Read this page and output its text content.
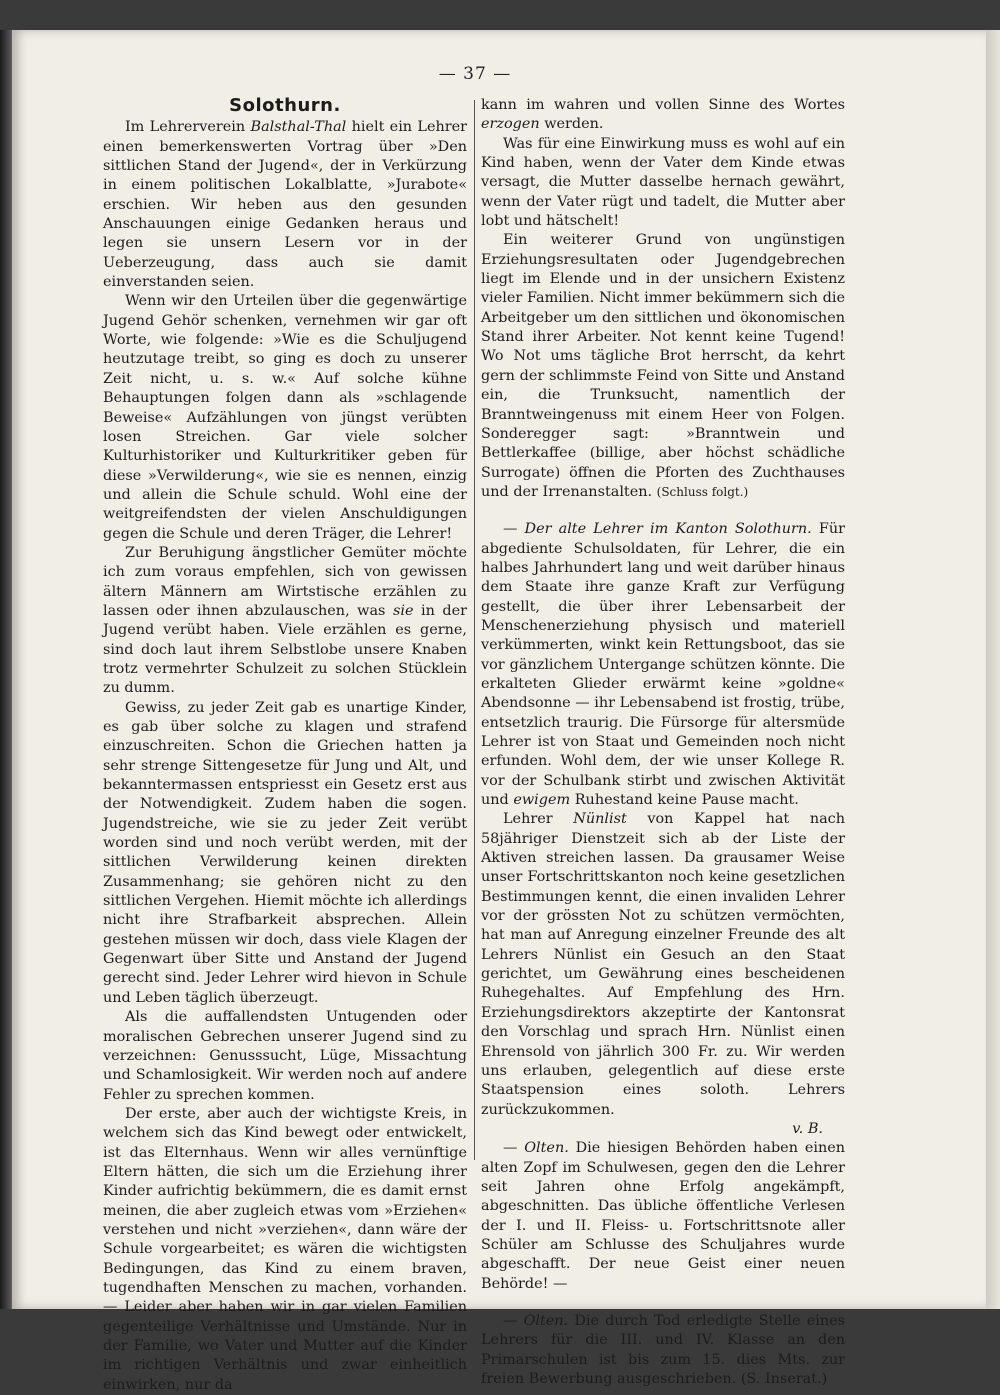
— 37 —
Solothurn.

Im Lehrerverein Balsthal-Thal hielt ein Lehrer einen bemerkenswerten Vortrag über »Den sittlichen Stand der Jugend«, der in Verkürzung in einem politischen Lokalblatte, »Jurabote« erschien. Wir heben aus den gesunden Anschauungen einige Gedanken heraus und legen sie unsern Lesern vor in der Ueberzeugung, dass auch sie damit einverstanden seien.

Wenn wir den Urteilen über die gegenwärtige Jugend Gehör schenken, vernehmen wir gar oft Worte, wie folgende: »Wie es die Schuljugend heutzutage treibt, so ging es doch zu unserer Zeit nicht, u. s. w.« Auf solche kühne Behauptungen folgen dann als »schlagende Beweise« Aufzählungen von jüngst verübten losen Streichen. Gar viele solcher Kulturhistoriker und Kulturkritiker geben für diese »Verwilderung«, wie sie es nennen, einzig und allein die Schule schuld. Wohl eine der weitgreifendsten der vielen Anschuldigungen gegen die Schule und deren Träger, die Lehrer!

Zur Beruhigung ängstlicher Gemüter möchte ich zum voraus empfehlen, sich von gewissen ältern Männern am Wirtstische erzählen zu lassen oder ihnen abzulauschen, was sie in der Jugend verübt haben. Viele erzählen es gerne, sind doch laut ihrem Selbstlobe unsere Knaben trotz vermehrter Schulzeit zu solchen Stücklein zu dumm.

Gewiss, zu jeder Zeit gab es unartige Kinder, es gab über solche zu klagen und strafend einzuschreiten. Schon die Griechen hatten ja sehr strenge Sittengesetze für Jung und Alt, und bekanntermassen entspriesst ein Gesetz erst aus der Notwendigkeit. Zudem haben die sogen. Jugendstreiche, wie sie zu jeder Zeit verübt worden sind und noch verübt werden, mit der sittlichen Verwilderung keinen direkten Zusammenhang; sie gehören nicht zu den sittlichen Vergehen. Hiemit möchte ich allerdings nicht ihre Strafbarkeit absprechen. Allein gestehen müssen wir doch, dass viele Klagen der Gegenwart über Sitte und Anstand der Jugend gerecht sind. Jeder Lehrer wird hievon in Schule und Leben täglich überzeugt.

Als die auffallendsten Untugenden oder moralischen Gebrechen unserer Jugend sind zu verzeichnen: Genusssucht, Lüge, Missachtung und Schamlosigkeit. Wir werden noch auf andere Fehler zu sprechen kommen.

Der erste, aber auch der wichtigste Kreis, in welchem sich das Kind bewegt oder entwickelt, ist das Elternhaus. Wenn wir alles vernünftige Eltern hätten, die sich um die Erziehung ihrer Kinder aufrichtig bekümmern, die es damit ernst meinen, die aber zugleich etwas vom »Erziehen« verstehen und nicht »verziehen«, dann wäre der Schule vorgearbeitet; es wären die wichtigsten Bedingungen, das Kind zu einem braven, tugendhaften Menschen zu machen, vorhanden. — Leider aber haben wir in gar vielen Familien gegenteilige Verhältnisse und Umstände. Nur in der Familie, wo Vater und Mutter auf die Kinder im richtigen Verhältnis und zwar einheitlich einwirken, nur da

kann im wahren und vollen Sinne des Wortes erzogen werden.

Was für eine Einwirkung muss es wohl auf ein Kind haben, wenn der Vater dem Kinde etwas versagt, die Mutter dasselbe hernach gewährt, wenn der Vater rügt und tadelt, die Mutter aber lobt und hätschelt!

Ein weiterer Grund von ungünstigen Erziehungsresultaten oder Jugendgebrechen liegt im Elende und in der unsichern Existenz vieler Familien. Nicht immer bekümmern sich die Arbeitgeber um den sittlichen und ökonomischen Stand ihrer Arbeiter. Not kennt keine Tugend! Wo Not ums tägliche Brot herrscht, da kehrt gern der schlimmste Feind von Sitte und Anstand ein, die Trunksucht, namentlich der Branntweingenuss mit einem Heer von Folgen. Sonderegger sagt: »Branntwein und Bettlerkaffee (billige, aber höchst schädliche Surrogate) öffnen die Pforten des Zuchthauses und der Irrenanstalten. (Schluss folgt.)

— Der alte Lehrer im Kanton Solothurn. Für abgediente Schulsoldaten, für Lehrer, die ein halbes Jahrhundert lang und weit darüber hinaus dem Staate ihre ganze Kraft zur Verfügung gestellt, die über ihrer Lebensarbeit der Menschenerziehung physisch und materiell verkümmerten, winkt kein Rettungsboot, das sie vor gänzlichem Untergange schützen könnte. Die erkalteten Glieder erwärmt keine »goldne« Abendsonne — ihr Lebensabend ist frostig, trübe, entsetzlich traurig. Die Fürsorge für altersmüde Lehrer ist von Staat und Gemeinden noch nicht erfunden. Wohl dem, der wie unser Kollege R. vor der Schulbank stirbt und zwischen Aktivität und ewigem Ruhestand keine Pause macht.

Lehrer Nünlist von Kappel hat nach 58jähriger Dienstzeit sich ab der Liste der Aktiven streichen lassen. Da grausamer Weise unser Fortschrittskanton noch keine gesetzlichen Bestimmungen kennt, die einen invaliden Lehrer vor der grössten Not zu schützen vermöchten, hat man auf Anregung einzelner Freunde des alt Lehrers Nünlist ein Gesuch an den Staat gerichtet, um Gewährung eines bescheidenen Ruhegehaltes. Auf Empfehlung des Hrn. Erziehungsdirektors akzeptirte der Kantonsrat den Vorschlag und sprach Hrn. Nünlist einen Ehrensold von jährlich 300 Fr. zu. Wir werden uns erlauben, gelegentlich auf diese erste Staatspension eines soloth. Lehrers zurückzukommen.

v. B.

— Olten. Die hiesigen Behörden haben einen alten Zopf im Schulwesen, gegen den die Lehrer seit Jahren ohne Erfolg angekämpft, abgeschnitten. Das übliche öffentliche Verlesen der I. und II. Fleiss- u. Fortschrittsnote aller Schüler am Schlusse des Schuljahres wurde abgeschafft. Der neue Geist einer neuen Behörde! —

— Olten. Die durch Tod erledigte Stelle eines Lehrers für die III. und IV. Klasse an den Primarschulen ist bis zum 15. dies Mts. zur freien Bewerbung ausgeschrieben. (S. Inserat.)
